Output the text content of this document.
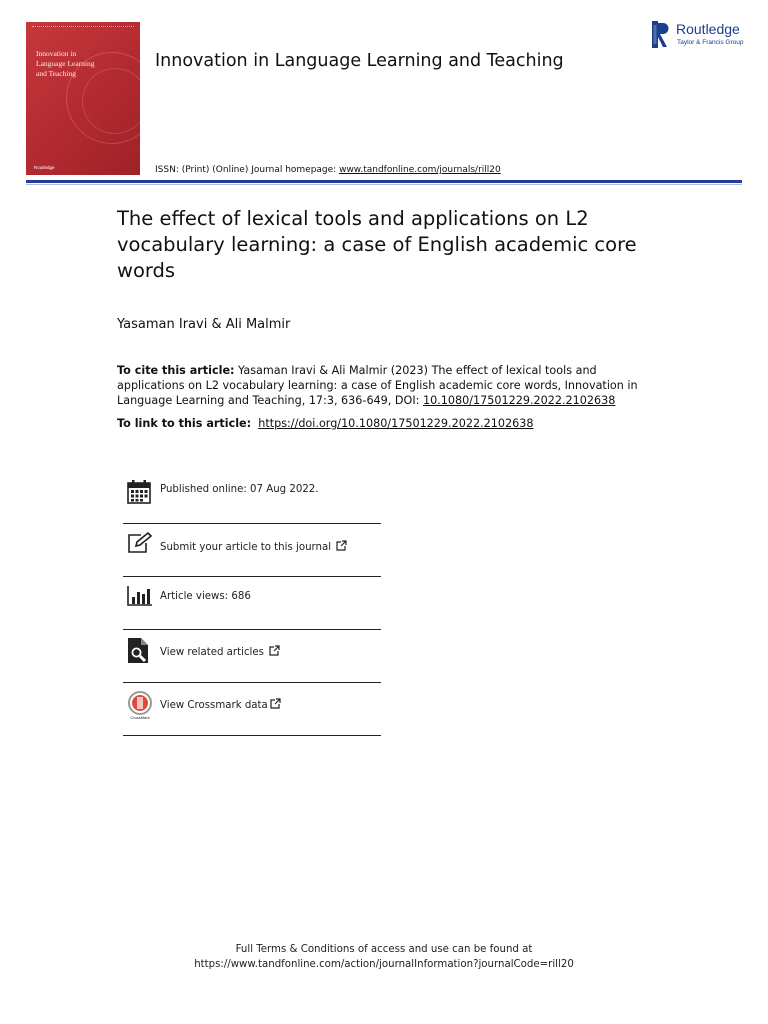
Innovation in
Language Learning
and Teaching
Routledge
Innovation in Language Learning and Teaching
Routledge
Taylor & Francis Group
ISSN: (Print) (Online) Journal homepage: www.tandfonline.com/journals/rill20
The effect of lexical tools and applications on L2 vocabulary learning: a case of English academic core words
Yasaman Iravi & Ali Malmir
To cite this article: Yasaman Iravi & Ali Malmir (2023) The effect of lexical tools and applications on L2 vocabulary learning: a case of English academic core words, Innovation in Language Learning and Teaching, 17:3, 636-649, DOI: 10.1080/17501229.2022.2102638
To link to this article: https://doi.org/10.1080/17501229.2022.2102638
Published online: 07 Aug 2022.
Submit your article to this journal
Article views: 686
View related articles
CrossMark
View Crossmark data
Full Terms & Conditions of access and use can be found at
https://www.tandfonline.com/action/journalInformation?journalCode=rill20
